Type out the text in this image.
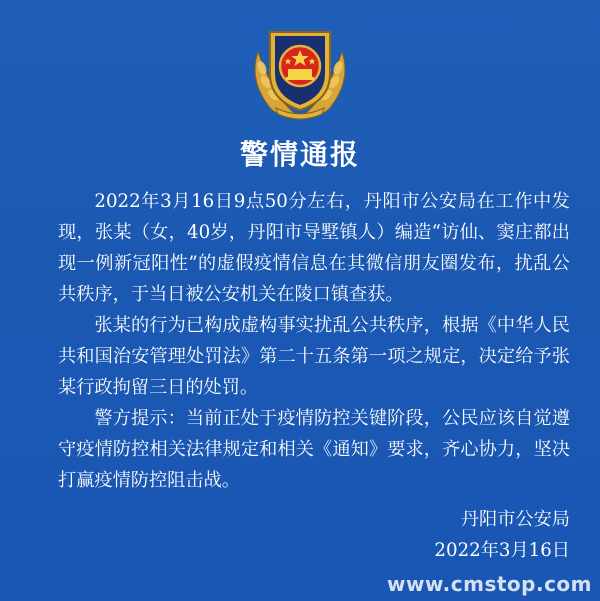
警情通报

2022年3月16日9点50分左右，丹阳市公安局在工作中发现，张某（女，40岁，丹阳市导墅镇人）编造“访仙、窦庄都出现一例新冠阳性”的虚假疫情信息在其微信朋友圈发布，扰乱公共秩序，于当日被公安机关在陵口镇查获。

张某的行为已构成虚构事实扰乱公共秩序，根据《中华人民共和国治安管理处罚法》第二十五条第一项之规定，决定给予张某行政拘留三日的处罚。

警方提示：当前正处于疫情防控关键阶段，公民应该自觉遵守疫情防控相关法律规定和相关《通知》要求，齐心协力，坚决打赢疫情防控阻击战。

丹阳市公安局
2022年3月16日
www.cmstop.com
